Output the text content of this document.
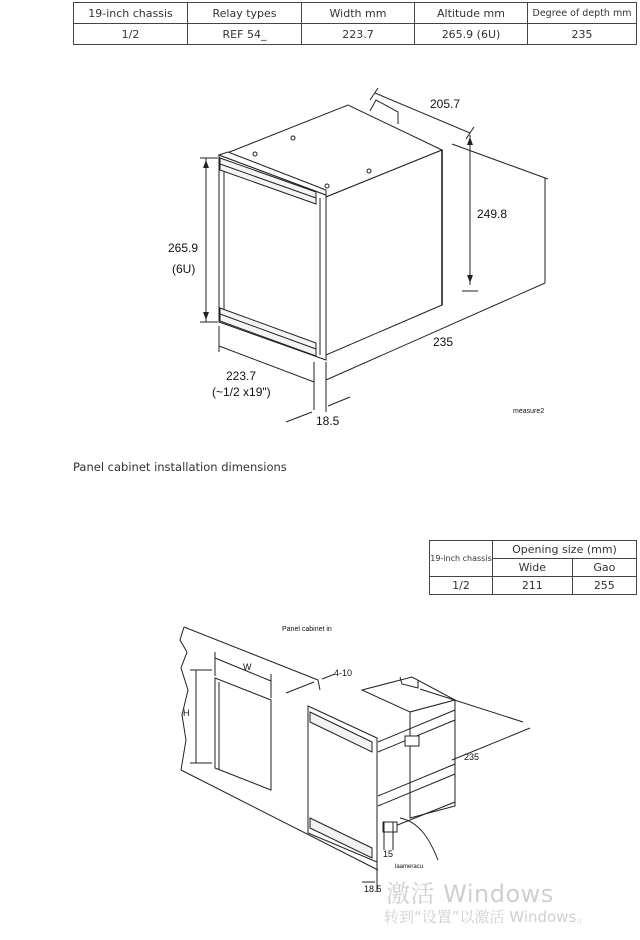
19-inch chassis	Relay types	Width mm	Altitude mm	Degree of depth mm
1/2	REF 54_	223.7	265.9 (6U)	235
205.7
249.8
265.9
(6U)
223.7
(~1/2 x19")
235
18.5
measure2
Panel cabinet in
W
H
4-10
235
15
18.5
laameracu
Panel cabinet installation dimensions
19-inch chassis	Opening size (mm)	
	Wide	Gao
1/2	211	255
激活 Windows
转到“设置”以激活 Windows。
